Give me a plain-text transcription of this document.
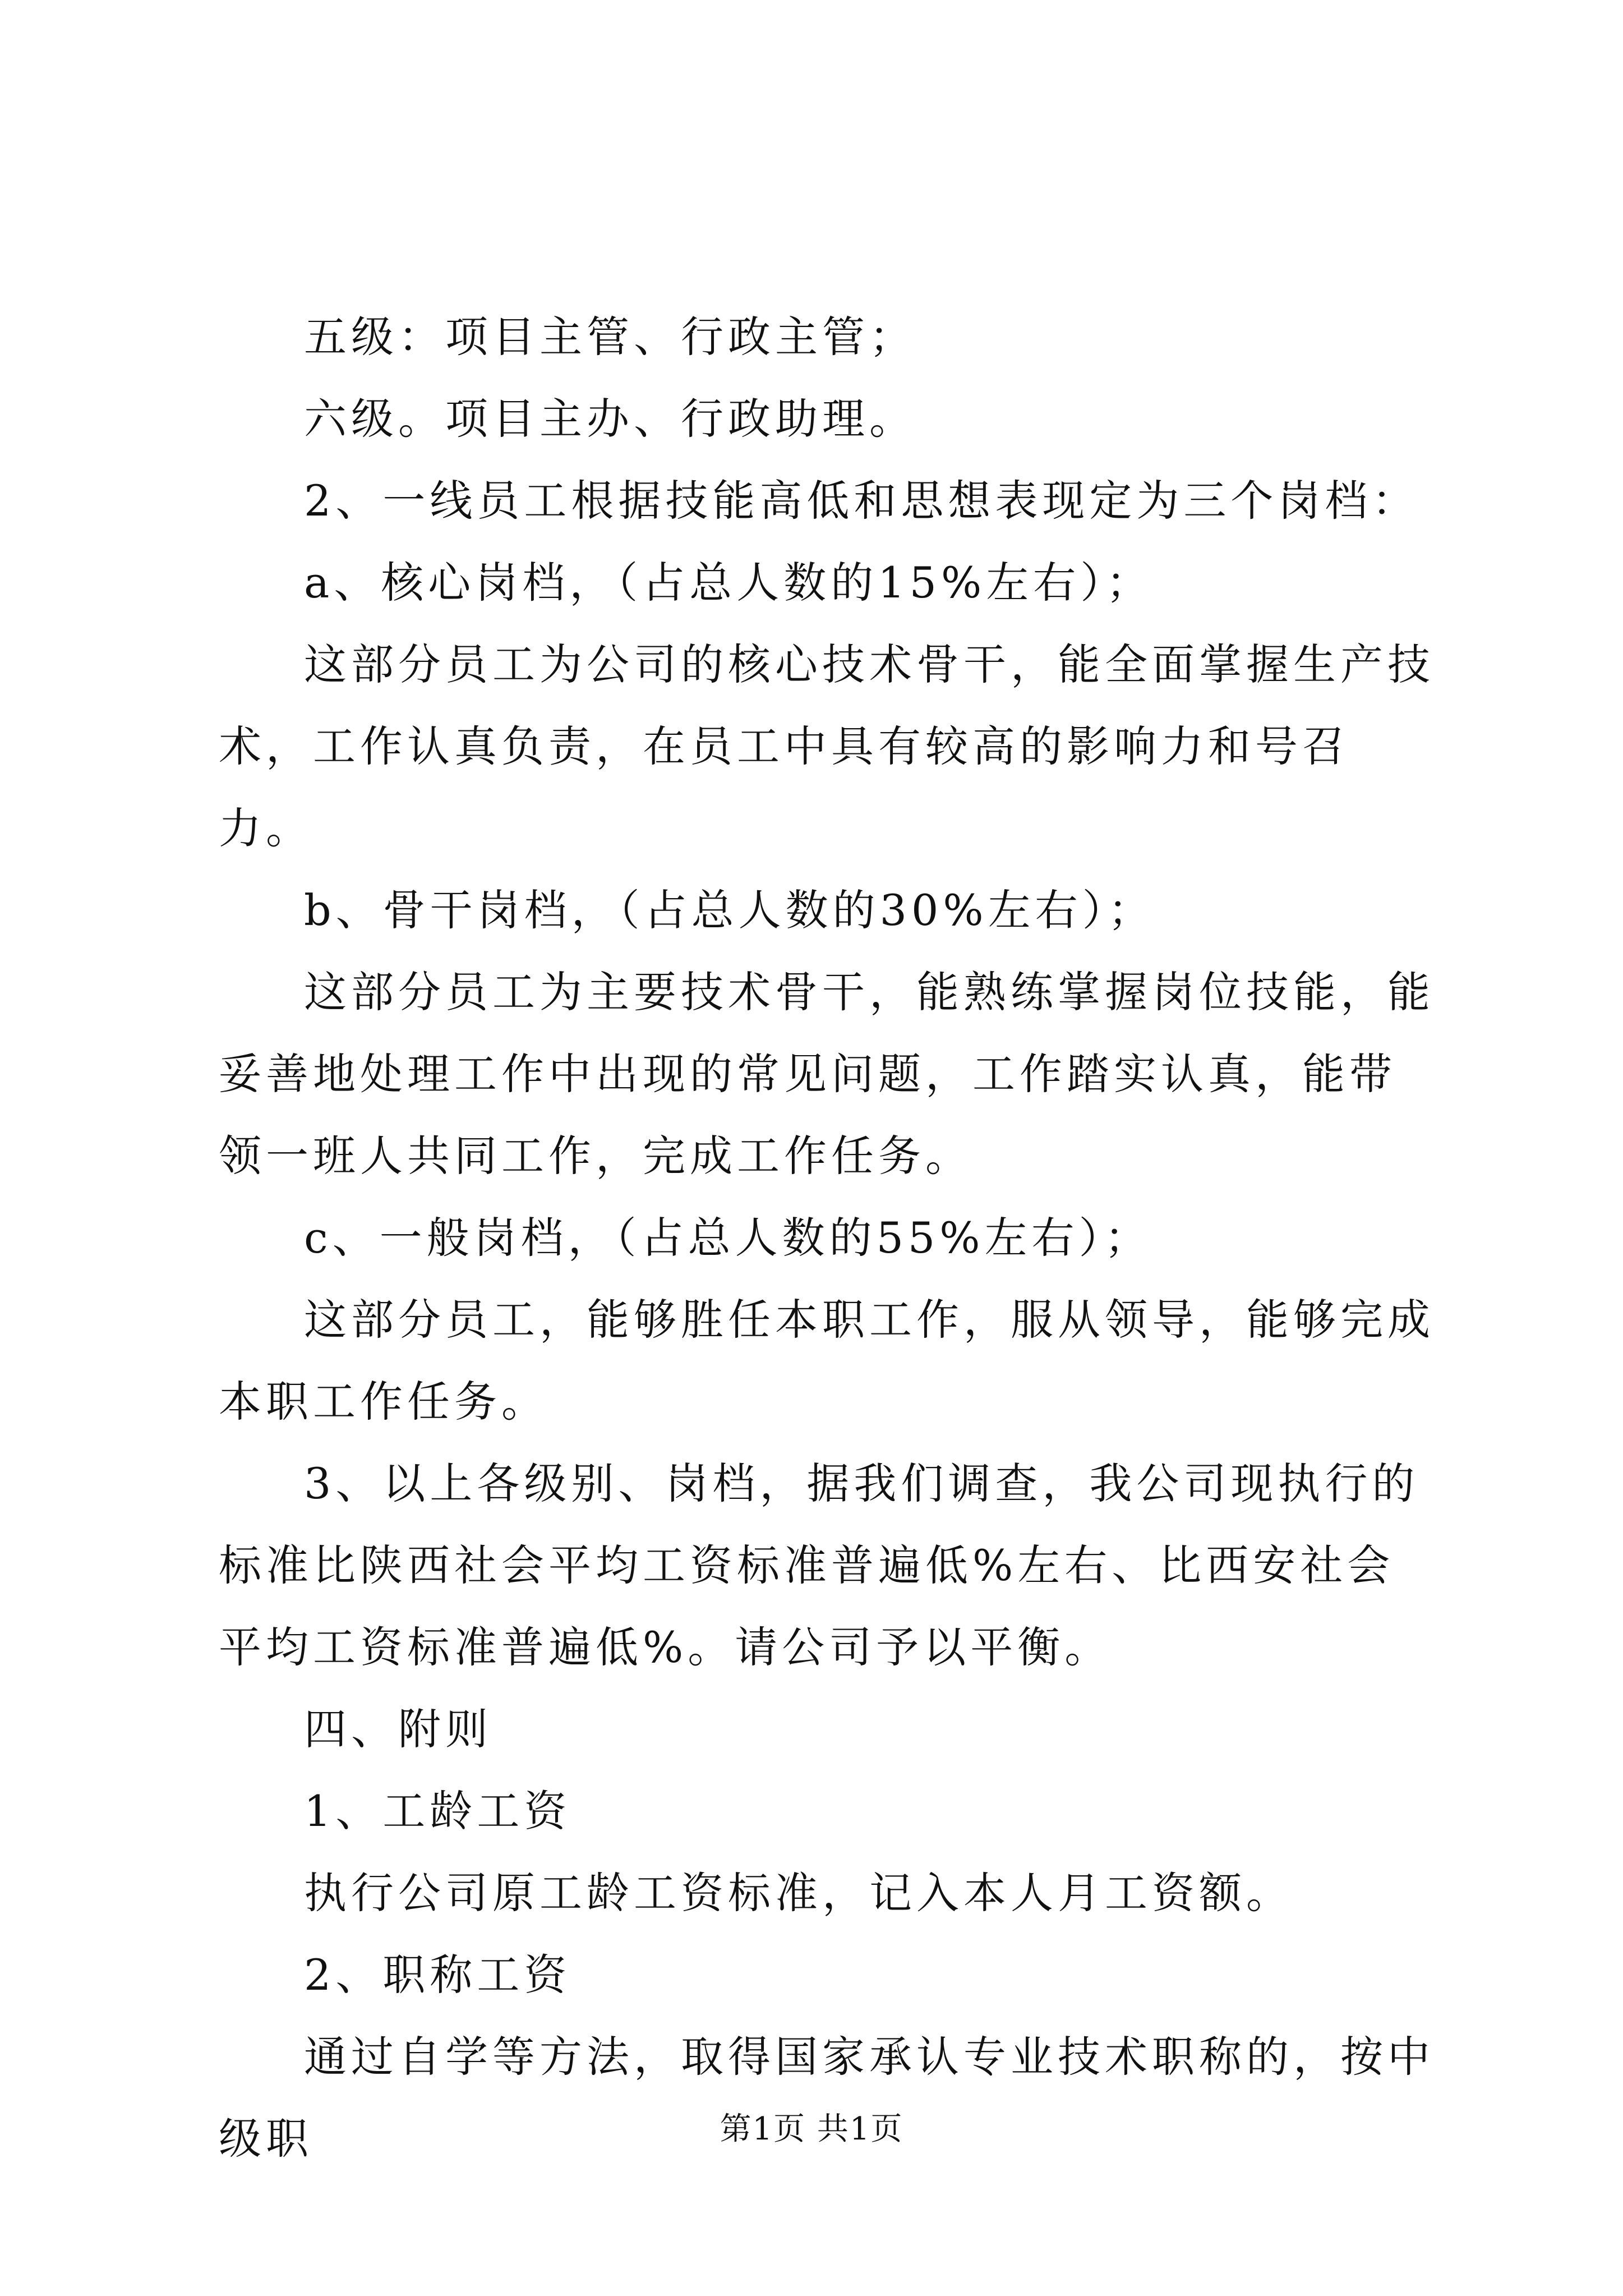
五级：项目主管、行政主管；

六级。项目主办、行政助理。

2、一线员工根据技能高低和思想表现定为三个岗档：

a、核心岗档，（占总人数的15%左右）；

这部分员工为公司的核心技术骨干，能全面掌握生产技术，工作认真负责，在员工中具有较高的影响力和号召力。

b、骨干岗档，（占总人数的30%左右）；

这部分员工为主要技术骨干，能熟练掌握岗位技能，能妥善地处理工作中出现的常见问题，工作踏实认真，能带领一班人共同工作，完成工作任务。

c、一般岗档，（占总人数的55%左右）；

这部分员工，能够胜任本职工作，服从领导，能够完成本职工作任务。

3、以上各级别、岗档，据我们调查，我公司现执行的标准比陕西社会平均工资标准普遍低%左右、比西安社会平均工资标准普遍低%。请公司予以平衡。

四、附则

1、工龄工资

执行公司原工龄工资标准，记入本人月工资额。

2、职称工资

通过自学等方法，取得国家承认专业技术职称的，按中级职	第1页 共1页
